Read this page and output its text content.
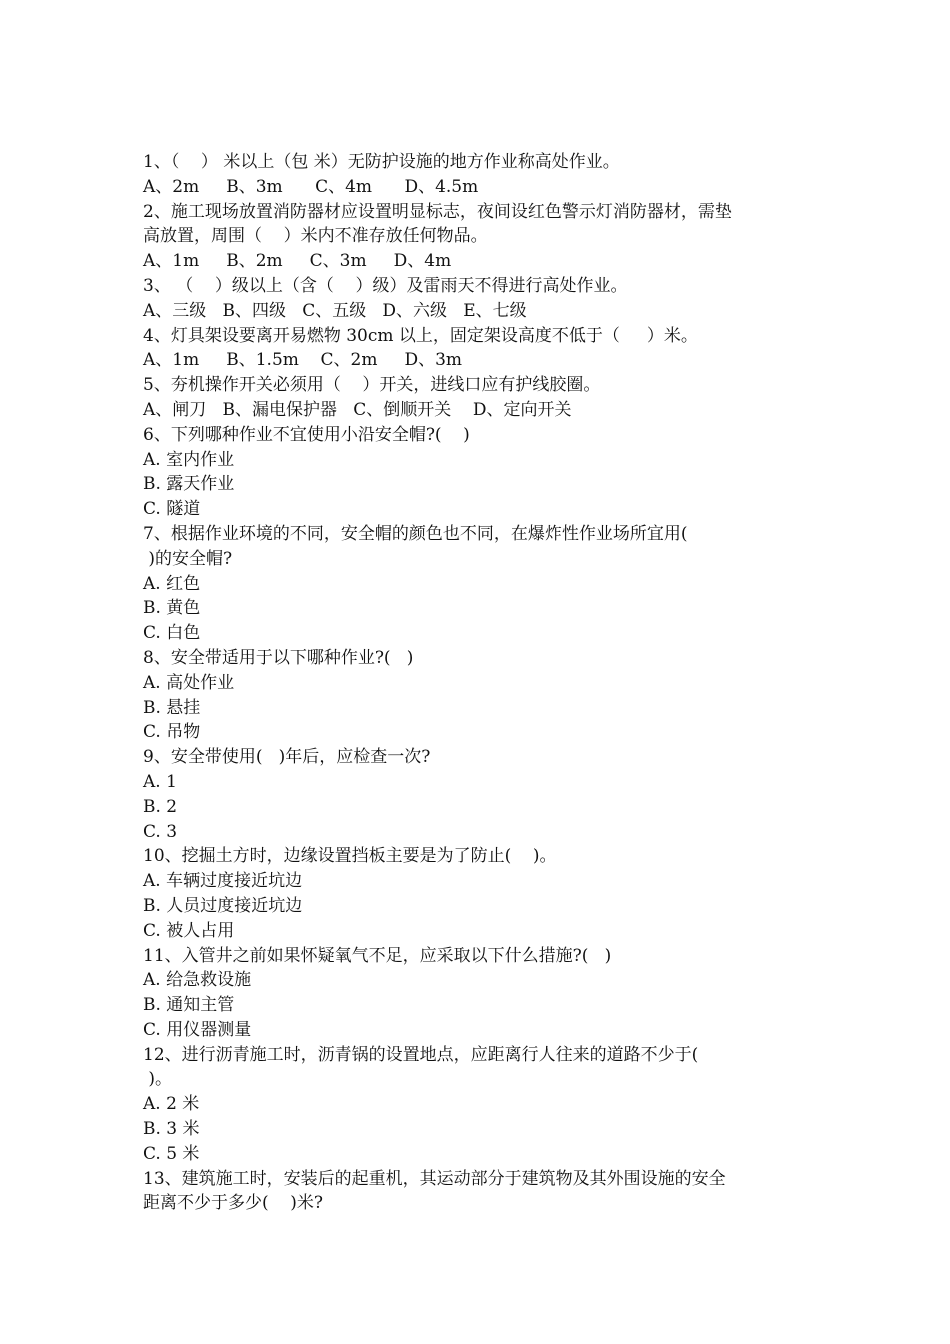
1、（    ） 米以上（包 米）无防护设施的地方作业称高处作业。
A、2m     B、3m      C、4m      D、4.5m
2、施工现场放置消防器材应设置明显标志，夜间设红色警示灯消防器材，需垫
高放置，周围（    ）米内不准存放任何物品。
A、1m     B、2m     C、3m     D、4m
3、 （    ）级以上（含（    ）级）及雷雨天不得进行高处作业。
A、三级   B、四级   C、五级   D、六级   E、七级
4、灯具架设要离开易燃物 30cm 以上，固定架设高度不低于（     ）米。
A、1m     B、1.5m    C、2m     D、3m
5、夯机操作开关必须用（    ）开关，进线口应有护线胶圈。
A、闸刀   B、漏电保护器   C、倒顺开关    D、定向开关
6、下列哪种作业不宜使用小沿安全帽?(    )
A. 室内作业
B. 露天作业
C. 隧道
7、根据作业环境的不同，安全帽的颜色也不同，在爆炸性作业场所宜用(
)的安全帽?
A. 红色
B. 黄色
C. 白色
8、安全带适用于以下哪种作业?(   )
A. 高处作业
B. 悬挂
C. 吊物
9、安全带使用(   )年后，应检查一次?
A. 1
B. 2
C. 3
10、挖掘土方时，边缘设置挡板主要是为了防止(    )。
A. 车辆过度接近坑边
B. 人员过度接近坑边
C. 被人占用
11、入管井之前如果怀疑氧气不足，应采取以下什么措施?(   )
A. 给急救设施
B. 通知主管
C. 用仪器测量
12、进行沥青施工时，沥青锅的设置地点，应距离行人往来的道路不少于(
)。
A. 2 米
B. 3 米
C. 5 米
13、建筑施工时，安装后的起重机，其运动部分于建筑物及其外围设施的安全
距离不少于多少(    )米?
